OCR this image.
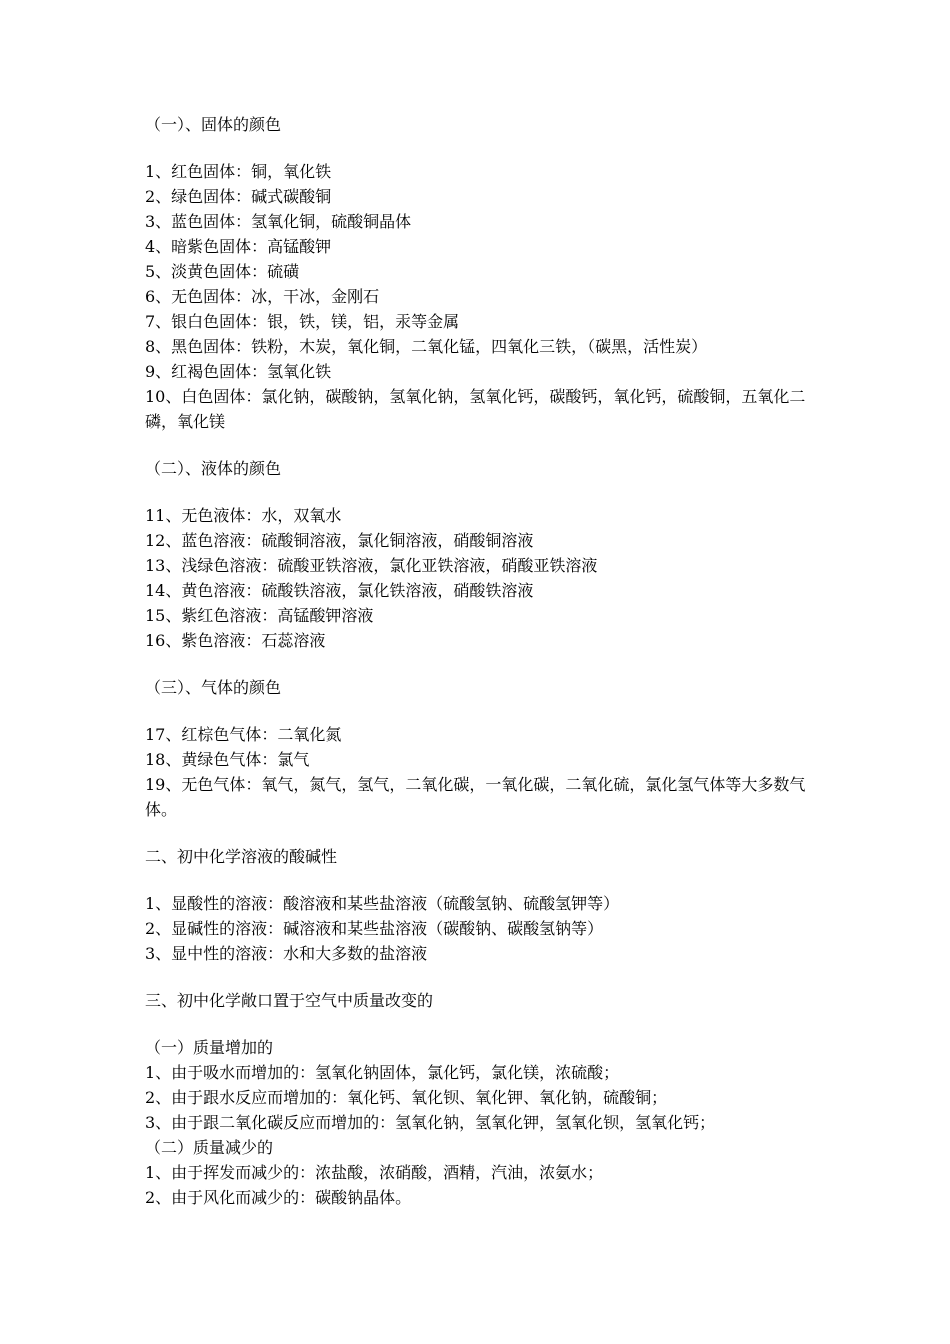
（一）、固体的颜色
1、红色固体：铜，氧化铁
2、绿色固体：碱式碳酸铜
3、蓝色固体：氢氧化铜，硫酸铜晶体
4、暗紫色固体：高锰酸钾
5、淡黄色固体：硫磺
6、无色固体：冰，干冰，金刚石
7、银白色固体：银，铁，镁，铝，汞等金属
8、黑色固体：铁粉，木炭，氧化铜，二氧化锰，四氧化三铁，（碳黑，活性炭）
9、红褐色固体：氢氧化铁
10、白色固体：氯化钠，碳酸钠，氢氧化钠，氢氧化钙，碳酸钙，氧化钙，硫酸铜，五氧化二磷，氧化镁
（二）、液体的颜色
11、无色液体：水，双氧水
12、蓝色溶液：硫酸铜溶液，氯化铜溶液，硝酸铜溶液
13、浅绿色溶液：硫酸亚铁溶液，氯化亚铁溶液，硝酸亚铁溶液
14、黄色溶液：硫酸铁溶液，氯化铁溶液，硝酸铁溶液
15、紫红色溶液：高锰酸钾溶液
16、紫色溶液：石蕊溶液
（三）、气体的颜色
17、红棕色气体：二氧化氮
18、黄绿色气体：氯气
19、无色气体：氧气，氮气，氢气，二氧化碳，一氧化碳，二氧化硫，氯化氢气体等大多数气体。
二、初中化学溶液的酸碱性
1、显酸性的溶液：酸溶液和某些盐溶液（硫酸氢钠、硫酸氢钾等）
2、显碱性的溶液：碱溶液和某些盐溶液（碳酸钠、碳酸氢钠等）
3、显中性的溶液：水和大多数的盐溶液
三、初中化学敞口置于空气中质量改变的
（一）质量增加的
1、由于吸水而增加的：氢氧化钠固体，氯化钙，氯化镁，浓硫酸；
2、由于跟水反应而增加的：氧化钙、氧化钡、氧化钾、氧化钠，硫酸铜；
3、由于跟二氧化碳反应而增加的：氢氧化钠，氢氧化钾，氢氧化钡，氢氧化钙；
（二）质量减少的
1、由于挥发而减少的：浓盐酸，浓硝酸，酒精，汽油，浓氨水；
2、由于风化而减少的：碳酸钠晶体。
